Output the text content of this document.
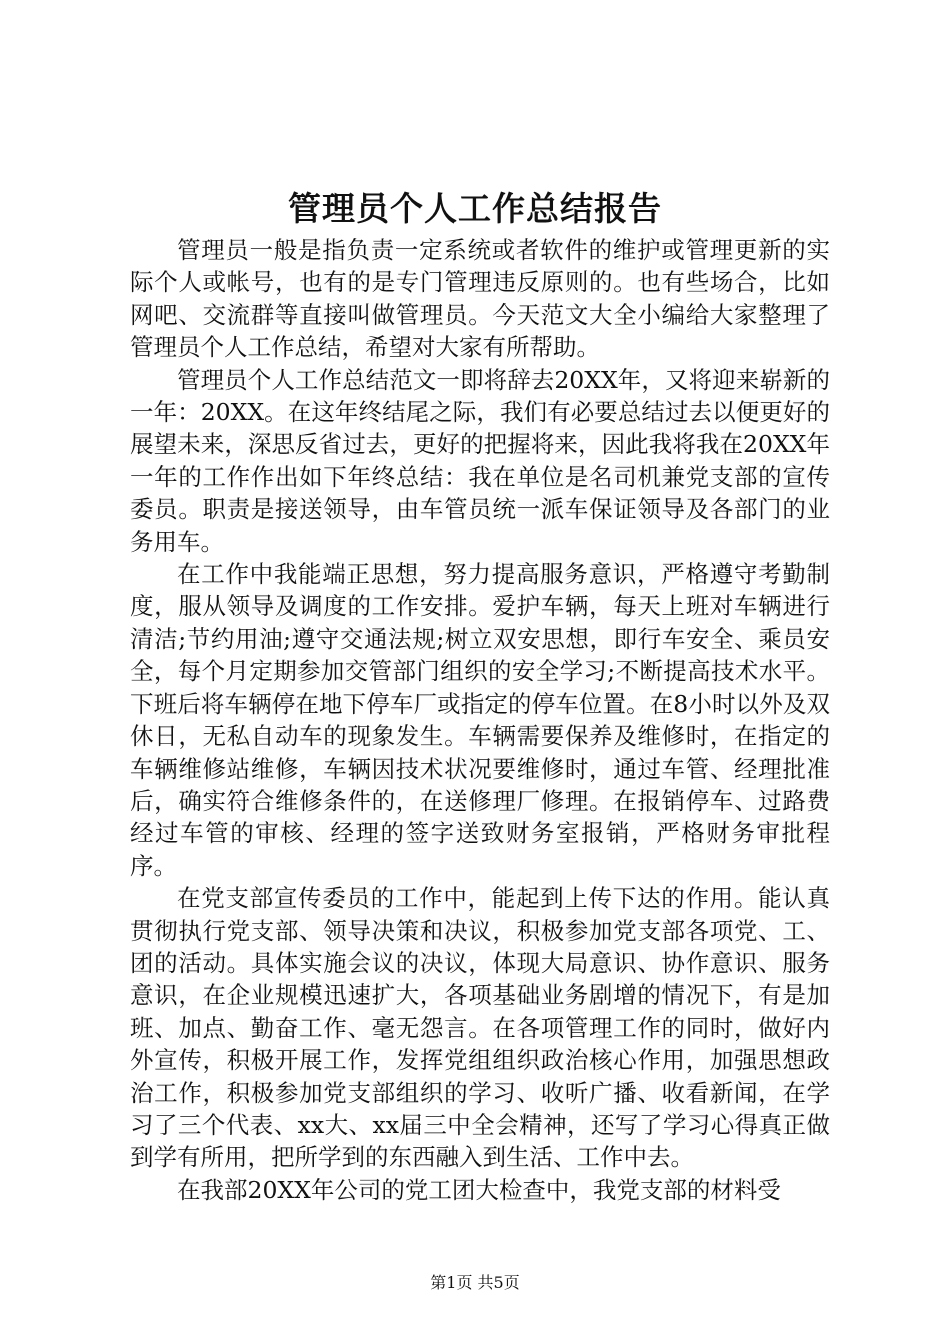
管理员个人工作总结报告

管理员一般是指负责一定系统或者软件的维护或管理更新的实际个人或帐号，也有的是专门管理违反原则的。也有些场合，比如网吧、交流群等直接叫做管理员。今天范文大全小编给大家整理了管理员个人工作总结，希望对大家有所帮助。

管理员个人工作总结范文一即将辞去20XX年，又将迎来崭新的一年：20XX。在这年终结尾之际，我们有必要总结过去以便更好的展望未来，深思反省过去，更好的把握将来，因此我将我在20XX年一年的工作作出如下年终总结：我在单位是名司机兼党支部的宣传委员。职责是接送领导，由车管员统一派车保证领导及各部门的业务用车。

在工作中我能端正思想，努力提高服务意识，严格遵守考勤制度，服从领导及调度的工作安排。爱护车辆，每天上班对车辆进行清洁;节约用油;遵守交通法规;树立双安思想，即行车安全、乘员安全，每个月定期参加交管部门组织的安全学习;不断提高技术水平。下班后将车辆停在地下停车厂或指定的停车位置。在8小时以外及双休日，无私自动车的现象发生。车辆需要保养及维修时，在指定的车辆维修站维修，车辆因技术状况要维修时，通过车管、经理批准后，确实符合维修条件的，在送修理厂修理。在报销停车、过路费经过车管的审核、经理的签字送致财务室报销，严格财务审批程序。

在党支部宣传委员的工作中，能起到上传下达的作用。能认真贯彻执行党支部、领导决策和决议，积极参加党支部各项党、工、团的活动。具体实施会议的决议，体现大局意识、协作意识、服务意识，在企业规模迅速扩大，各项基础业务剧增的情况下，有是加班、加点、勤奋工作、毫无怨言。在各项管理工作的同时，做好内外宣传，积极开展工作，发挥党组组织政治核心作用，加强思想政治工作，积极参加党支部组织的学习、收听广播、收看新闻，在学习了三个代表、xx大、xx届三中全会精神，还写了学习心得真正做到学有所用，把所学到的东西融入到生活、工作中去。

在我部20XX年公司的党工团大检查中，我党支部的材料受

第1页 共5页
